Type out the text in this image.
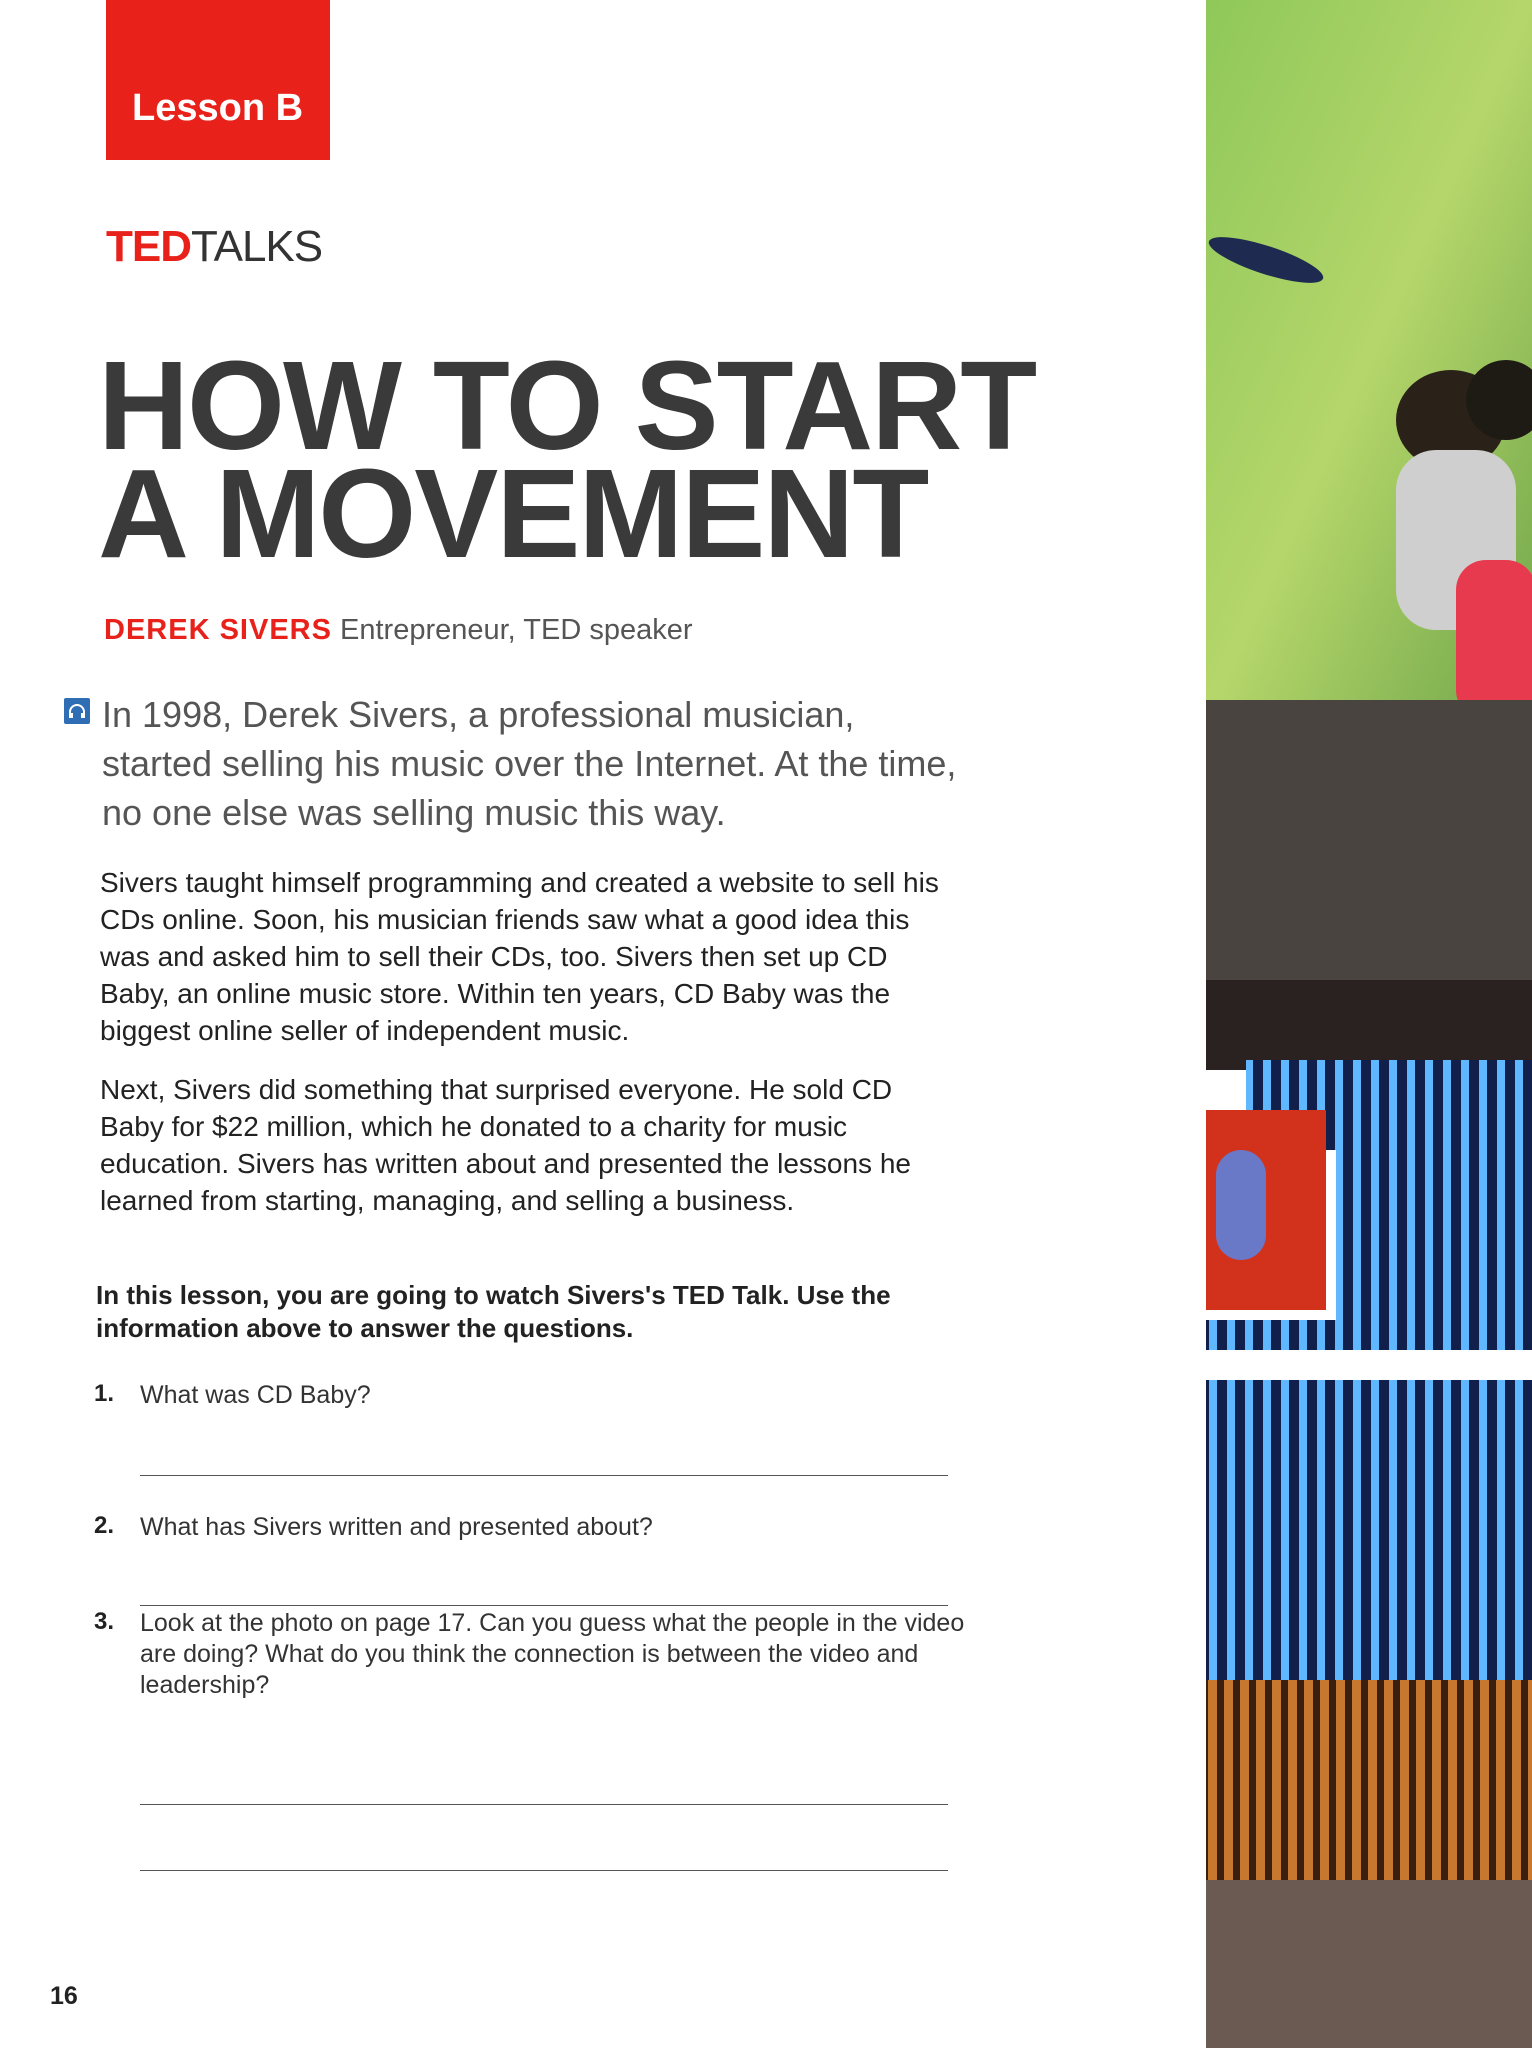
Lesson B
TEDTALKS
HOW TO START
A MOVEMENT
DEREK SIVERS Entrepreneur, TED speaker

In 1998, Derek Sivers, a professional musician, started selling his music over the Internet. At the time, no one else was selling music this way.

Sivers taught himself programming and created a website to sell his CDs online. Soon, his musician friends saw what a good idea this was and asked him to sell their CDs, too. Sivers then set up CD Baby, an online music store. Within ten years, CD Baby was the biggest online seller of independent music.

Next, Sivers did something that surprised everyone. He sold CD Baby for $22 million, which he donated to a charity for music education. Sivers has written about and presented the lessons he learned from starting, managing, and selling a business.

In this lesson, you are going to watch Sivers's TED Talk. Use the information above to answer the questions.

1. What was CD Baby?
2. What has Sivers written and presented about?
3. Look at the photo on page 17. Can you guess what the people in the video are doing? What do you think the connection is between the video and leadership?
16
